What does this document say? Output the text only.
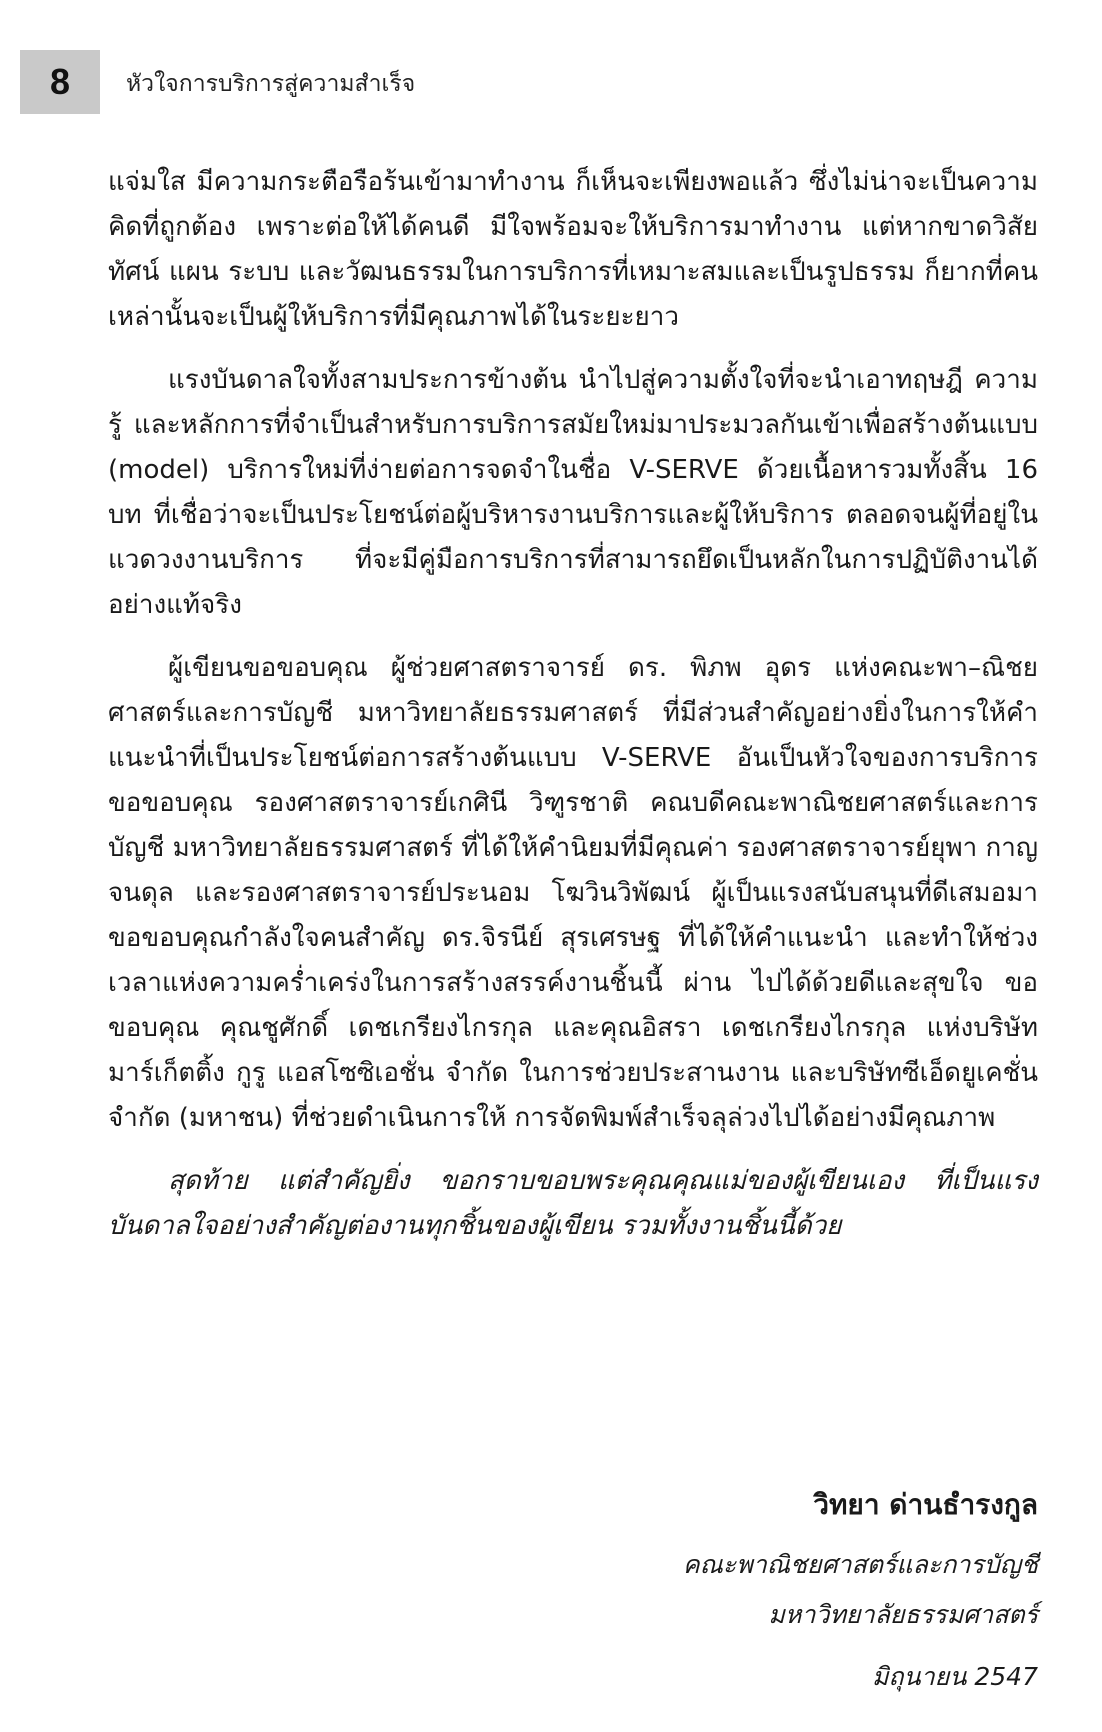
8	หัวใจการบริการสู่ความสำเร็จ

แจ่มใส มีความกระตือรือร้นเข้ามาทำงาน ก็เห็นจะเพียงพอแล้ว ซึ่งไม่น่าจะเป็นความคิดที่ถูกต้อง เพราะต่อให้ได้คนดี มีใจพร้อมจะให้บริการมาทำงาน แต่หากขาดวิสัยทัศน์ แผน ระบบ และวัฒนธรรมในการบริการที่เหมาะสมและเป็นรูปธรรม ก็ยากที่คนเหล่านั้นจะเป็นผู้ให้บริการที่มีคุณภาพได้ในระยะยาว

แรงบันดาลใจทั้งสามประการข้างต้น นำไปสู่ความตั้งใจที่จะนำเอาทฤษฎี ความรู้ และหลักการที่จำเป็นสำหรับการบริการสมัยใหม่มาประมวลกันเข้าเพื่อสร้างต้นแบบ (model) บริการใหม่ที่ง่ายต่อการจดจำในชื่อ V-SERVE ด้วยเนื้อหารวมทั้งสิ้น 16 บท ที่เชื่อว่าจะเป็นประโยชน์ต่อผู้บริหารงานบริการและผู้ให้บริการ ตลอดจนผู้ที่อยู่ในแวดวงงานบริการ ที่จะมีคู่มือการบริการที่สามารถยึดเป็นหลักในการปฏิบัติงานได้อย่างแท้จริง

ผู้เขียนขอขอบคุณ ผู้ช่วยศาสตราจารย์ ดร. พิภพ อุดร แห่งคณะพา–ณิชยศาสตร์และการบัญชี มหาวิทยาลัยธรรมศาสตร์ ที่มีส่วนสำคัญอย่างยิ่งในการให้คำแนะนำที่เป็นประโยชน์ต่อการสร้างต้นแบบ V-SERVE อันเป็นหัวใจของการบริการ ขอขอบคุณ รองศาสตราจารย์เกศินี วิฑูรชาติ คณบดีคณะพาณิชยศาสตร์และการบัญชี มหาวิทยาลัยธรรมศาสตร์ ที่ได้ให้คำนิยมที่มีคุณค่า รองศาสตราจารย์ยุพา กาญจนดุล และรองศาสตราจารย์ประนอม โฆวินวิพัฒน์ ผู้เป็นแรงสนับสนุนที่ดีเสมอมา ขอขอบคุณกำลังใจคนสำคัญ ดร.จิรนีย์ สุรเศรษฐ ที่ได้ให้คำแนะนำ และทำให้ช่วงเวลาแห่งความคร่ำเคร่งในการสร้างสรรค์งานชิ้นนี้ ผ่าน ไปได้ด้วยดีและสุขใจ ขอขอบคุณ คุณชูศักดิ์ เดชเกรียงไกรกุล และคุณอิสรา เดชเกรียงไกรกุล แห่งบริษัท มาร์เก็ตติ้ง กูรู แอสโซซิเอชั่น จำกัด ในการช่วยประสานงาน และบริษัทซีเอ็ดยูเคชั่น จำกัด (มหาชน) ที่ช่วยดำเนินการให้ การจัดพิมพ์สำเร็จลุล่วงไปได้อย่างมีคุณภาพ

สุดท้าย แต่สำคัญยิ่ง ขอกราบขอบพระคุณคุณแม่ของผู้เขียนเอง ที่เป็นแรงบันดาลใจอย่างสำคัญต่องานทุกชิ้นของผู้เขียน รวมทั้งงานชิ้นนี้ด้วย

วิทยา ด่านธำรงกูล
คณะพาณิชยศาสตร์และการบัญชี
มหาวิทยาลัยธรรมศาสตร์
มิถุนายน 2547
